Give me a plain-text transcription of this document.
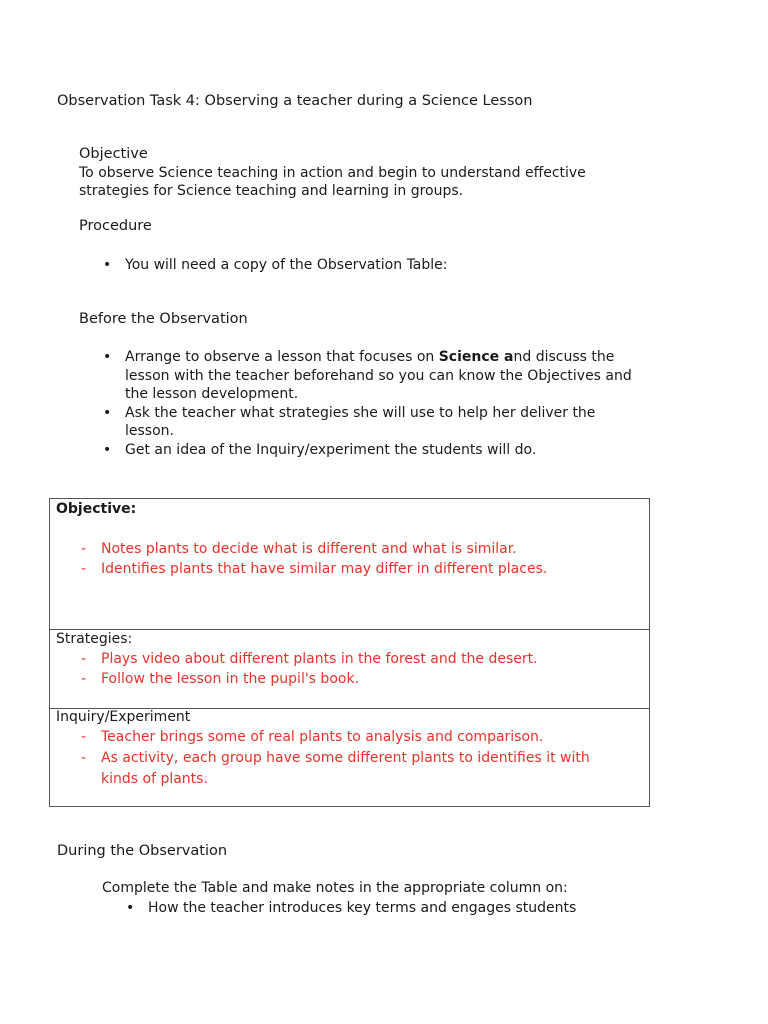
Observation Task 4: Observing a teacher during a Science Lesson
Objective
To observe Science teaching in action and begin to understand effective
strategies for Science teaching and learning in groups.
Procedure
• You will need a copy of the Observation Table:
Before the Observation
• Arrange to observe a lesson that focuses on Science and discuss the
lesson with the teacher beforehand so you can know the Objectives and
the lesson development.
• Ask the teacher what strategies she will use to help her deliver the
lesson.
• Get an idea of the Inquiry/experiment the students will do.
Objective:
- Notes plants to decide what is different and what is similar.
- Identifies plants that have similar may differ in different places.
Strategies:
- Plays video about different plants in the forest and the desert.
- Follow the lesson in the pupil's book.
Inquiry/Experiment
- Teacher brings some of real plants to analysis and comparison.
- As activity, each group have some different plants to identifies it with kinds of plants.
During the Observation
Complete the Table and make notes in the appropriate column on:
• How the teacher introduces key terms and engages students
